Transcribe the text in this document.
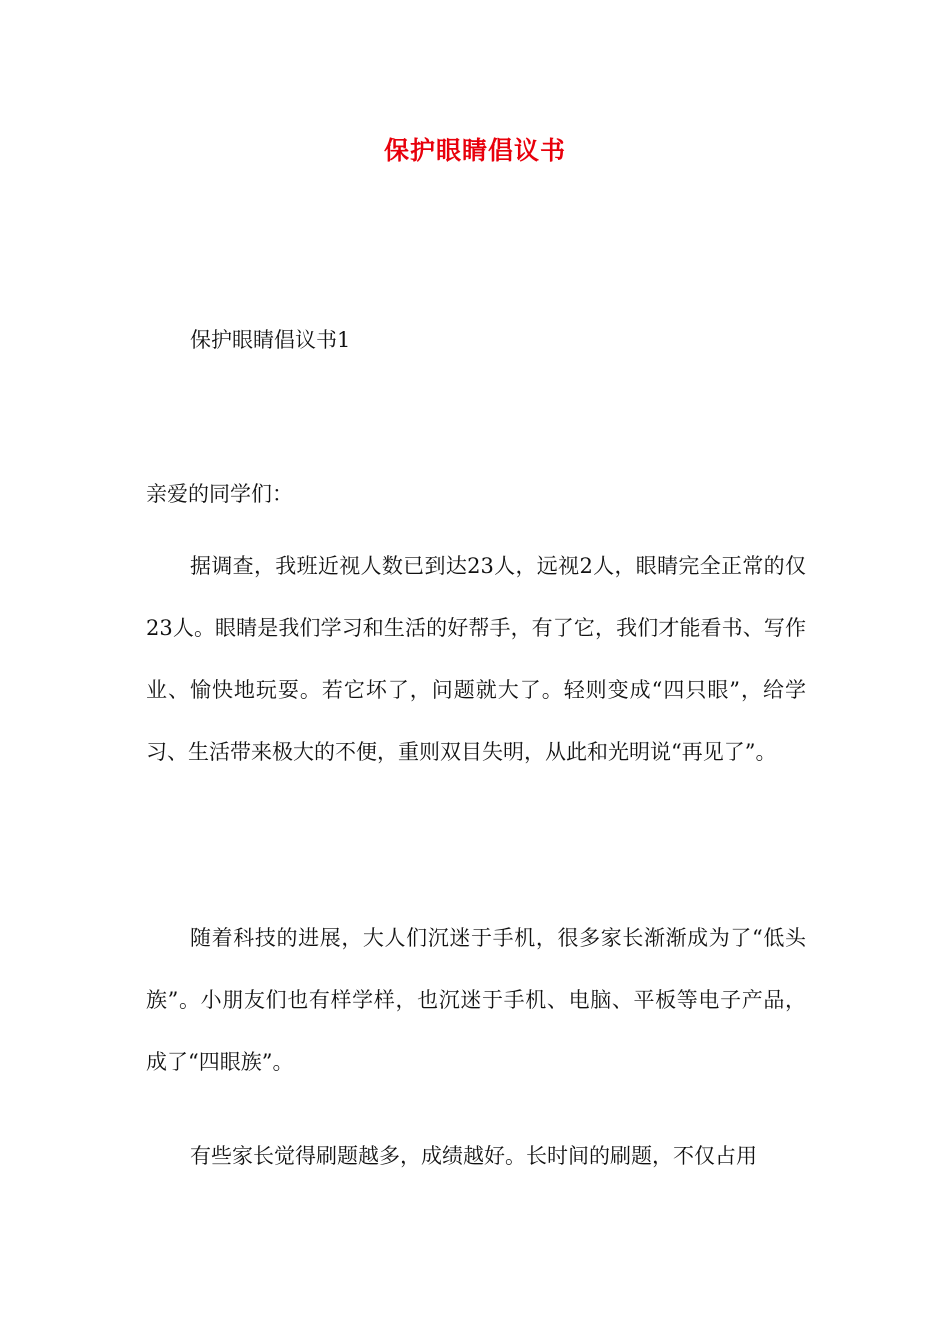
保护眼睛倡议书

保护眼睛倡议书1

亲爱的同学们：

据调查，我班近视人数已到达23人，远视2人，眼睛完全正常的仅23人。眼睛是我们学习和生活的好帮手，有了它，我们才能看书、写作业、愉快地玩耍。若它坏了，问题就大了。轻则变成“四只眼”，给学习、生活带来极大的不便，重则双目失明，从此和光明说“再见了”。

随着科技的进展，大人们沉迷于手机，很多家长渐渐成为了“低头族”。小朋友们也有样学样，也沉迷于手机、电脑、平板等电子产品，成了“四眼族”。

有些家长觉得刷题越多，成绩越好。长时间的刷题，不仅占用
